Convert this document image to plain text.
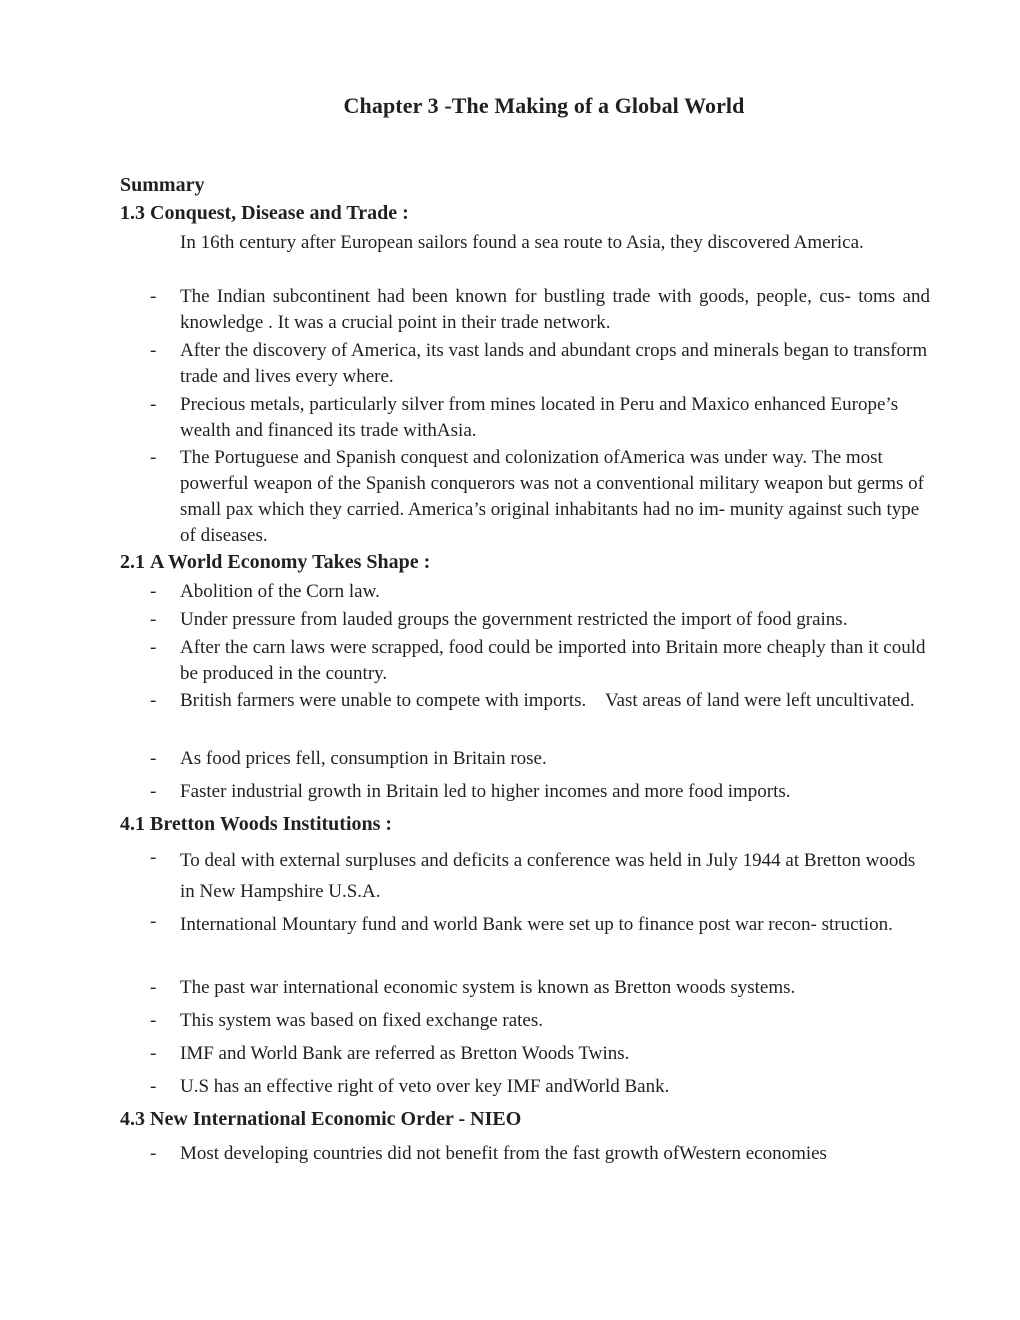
Chapter 3 -The Making of a Global World
Summary
1.3 Conquest, Disease and Trade :
In 16th century after European sailors found a sea route to Asia, they discovered America.
-	The Indian subcontinent had been known for bustling trade with goods, people, cus- toms and knowledge . It was a crucial point in their trade network.
-	After the discovery of America, its vast lands and abundant crops and minerals began to transform trade and lives every where.
-	Precious metals, particularly silver from mines located in Peru and Maxico enhanced Europe’s wealth and financed its trade withAsia.
-	The Portuguese and Spanish conquest and colonization ofAmerica was under way. The most powerful weapon of the Spanish conquerors was not a conventional military weapon but germs of small pax which they carried. America’s original inhabitants had no im- munity against such type of diseases.
2.1 A World Economy Takes Shape :
-	Abolition of the Corn law.
-	Under pressure from lauded groups the government restricted the import of food grains.
-	After the carn laws were scrapped, food could be imported into Britain more cheaply than it could be produced in the country.
-	British farmers were unable to compete with imports.    Vast areas of land were left uncultivated.
-	As food prices fell, consumption in Britain rose.
-	Faster industrial growth in Britain led to higher incomes and more food imports.
4.1 Bretton Woods Institutions :
-	To deal with external surpluses and deficits a conference was held in July 1944 at Bretton woods in New Hampshire U.S.A.
-	International Mountary fund and world Bank were set up to finance post war recon- struction.
-	The past war international economic system is known as Bretton woods systems.
-	This system was based on fixed exchange rates.
-	IMF and World Bank are referred as Bretton Woods Twins.
-	U.S has an effective right of veto over key IMF andWorld Bank.
4.3 New International Economic Order - NIEO
-	Most developing countries did not benefit from the fast growth ofWestern economies
